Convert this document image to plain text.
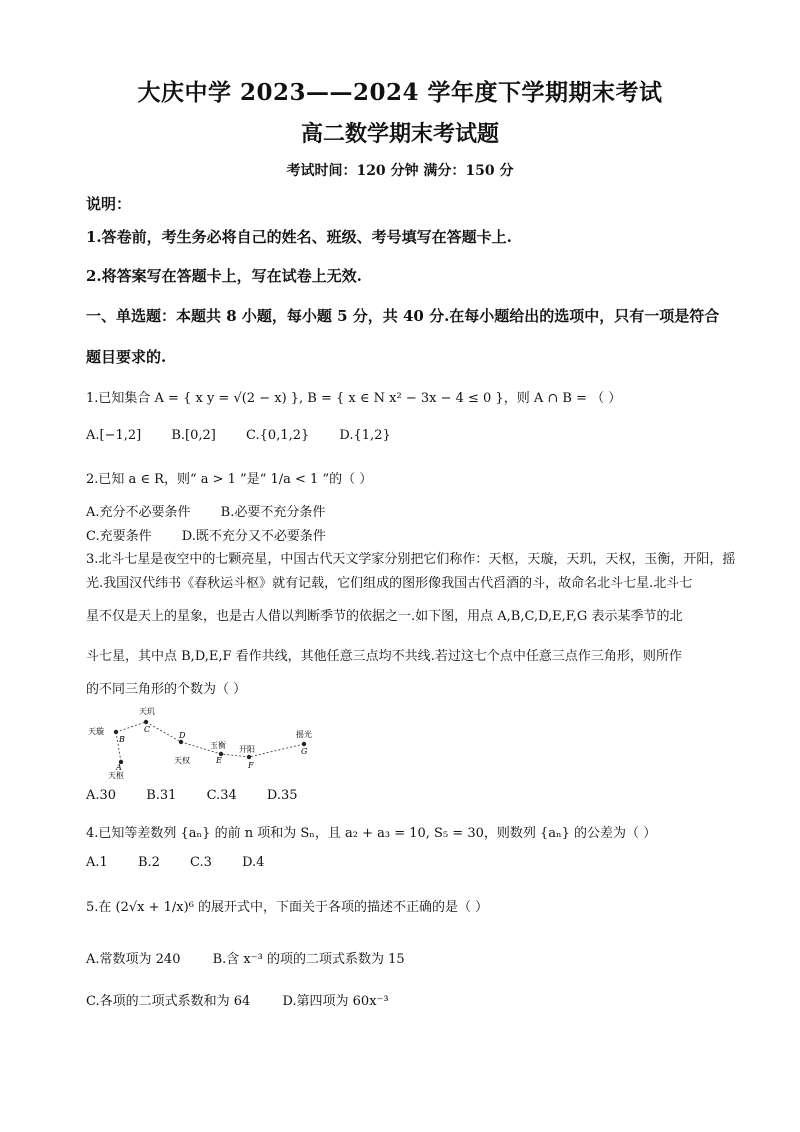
大庆中学 2023——2024 学年度下学期期末考试
高二数学期末考试题
考试时间：120 分钟 满分：150 分
说明：
1.答卷前，考生务必将自己的姓名、班级、考号填写在答题卡上.
2.将答案写在答题卡上，写在试卷上无效.
一、单选题：本题共 8 小题，每小题 5 分，共 40 分.在每小题给出的选项中，只有一项是符合
题目要求的.
1.已知集合 A = { x y = √(2 − x) }, B = { x ∈ N x² − 3x − 4 ≤ 0 }，则 A ∩ B = （ ）
A.[−1,2] B.[0,2] C.{0,1,2} D.{1,2}
2.已知 a ∈ R，则“ a > 1 ”是“ 1/a < 1 ”的（ ）
A.充分不必要条件 B.必要不充分条件
C.充要条件 D.既不充分又不必要条件
3.北斗七星是夜空中的七颗亮星，中国古代天文学家分别把它们称作：天枢，天璇，天玑，天权，玉衡，开阳，摇
光.我国汉代纬书《春秋运斗枢》就有记载，它们组成的图形像我国古代舀酒的斗，故命名北斗七星.北斗七
星不仅是天上的星象，也是古人借以判断季节的依据之一.如下图，用点 A,B,C,D,E,F,G 表示某季节的北
斗七星，其中点 B,D,E,F 看作共线，其他任意三点均不共线.若过这七个点中任意三点作三角形，则所作
的不同三角形的个数为（ ）
天枢
天璇
天玑
天权
玉衡 开阳
摇光
A
B
C
D
E
F
G
A.30 B.31 C.34 D.35
4.已知等差数列 {aₙ} 的前 n 项和为 Sₙ，且 a₂ + a₃ = 10, S₅ = 30，则数列 {aₙ} 的公差为（ ）
A.1 B.2 C.3 D.4
5.在 (2√x + 1/x)⁶ 的展开式中，下面关于各项的描述不正确的是（ ）
A.常数项为 240 B.含 x⁻³ 的项的二项式系数为 15
C.各项的二项式系数和为 64 D.第四项为 60x⁻³
